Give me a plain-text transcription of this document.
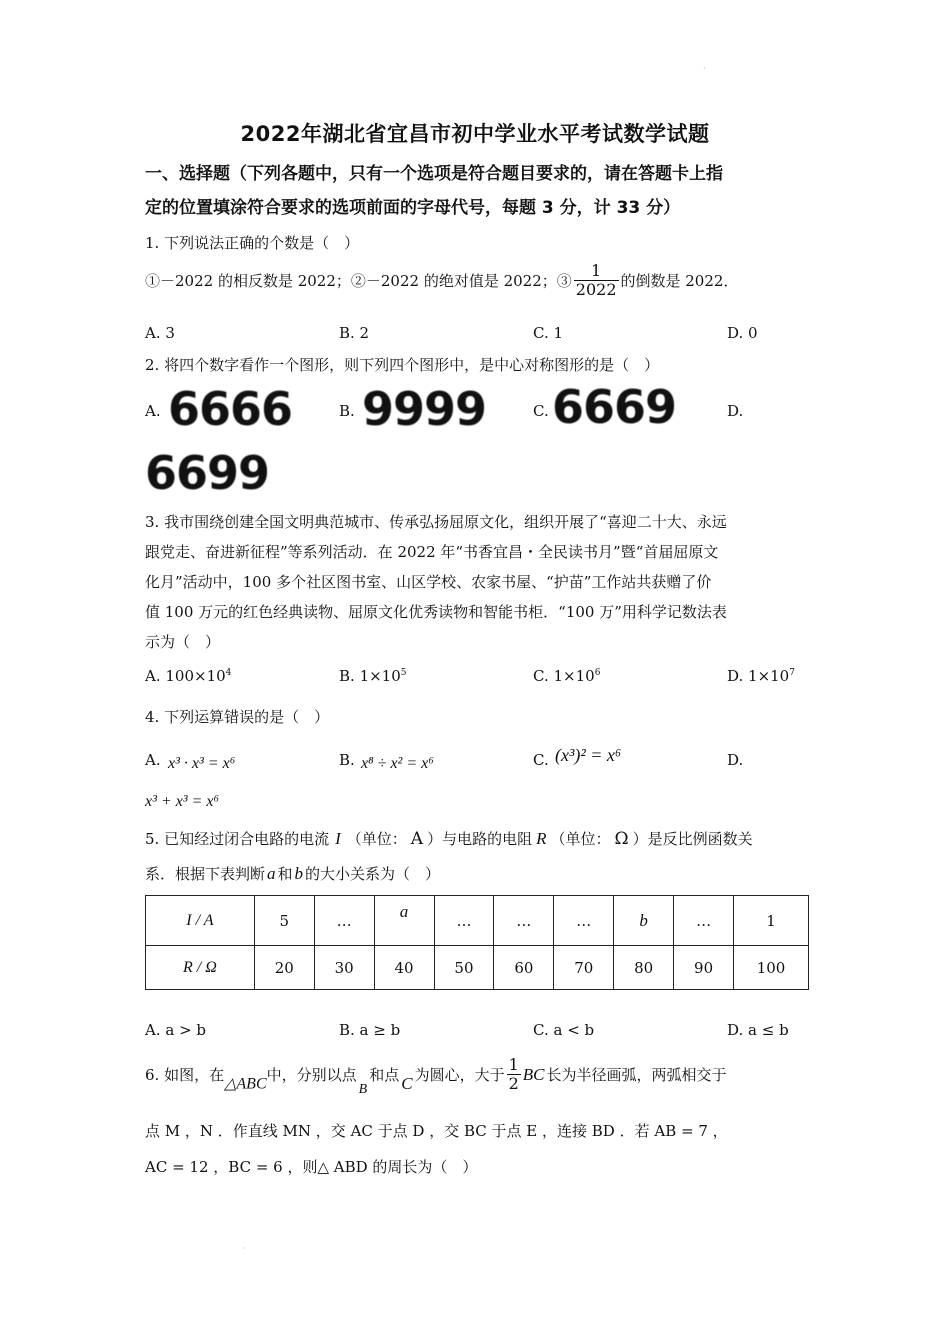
·
·
2022年湖北省宜昌市初中学业水平考试数学试题
一、选择题（下列各题中，只有一个选项是符合题目要求的，请在答题卡上指
定的位置填涂符合要求的选项前面的字母代号，每题 3 分，计 33 分）
1. 下列说法正确的个数是（　）
①－2022 的相反数是 2022；②－2022 的绝对值是 2022；③ $\frac{1}{2022}$ 的倒数是 2022．
A. 3	B. 2	C. 1	D. 0
2. 将四个数字看作一个图形，则下列四个图形中，是中心对称图形的是（　）
A. 6666	B. 9999	C. 6669	D.
6699
3. 我市围绕创建全国文明典范城市、传承弘扬屈原文化，组织开展了“喜迎二十大、永远
跟党走、奋进新征程”等系列活动．在 2022 年“书香宜昌・全民读书月”暨“首届屈原文
化月”活动中，100 多个社区图书室、山区学校、农家书屋、“护苗”工作站共获赠了价
值 100 万元的红色经典读物、屈原文化优秀读物和智能书柜．“100 万”用科学记数法表
示为（　）
A. $100\times 10^4$	B. $1\times 10^5$	C. $1\times 10^6$	D. $1\times 10^7$
4. 下列运算错误的是（　）
A. x³ · x³ = x⁶	B. x⁸ ÷ x² = x⁶	C. (x³)² = x⁶	D.
x³ + x³ = x⁶
5. 已知经过闭合电路的电流 I （单位： A ）与电路的电阻 R （单位： Ω ）是反比例函数关
系．根据下表判断 a 和 b 的大小关系为（　）
I / A	5	…	a	…	…	…	b	…	1
R / Ω	20	30	40	50	60	70	80	90	100
A. a > b	B. a ≥ b	C. a < b	D. a ≤ b
6. 如图，在△ABC中，分别以点B和点 C 为圆心，大于 $\frac{1}{2}$ BC 长为半径画弧，两弧相交于
点 M ，N ．作直线 MN ，交 AC 于点 D ，交 BC 于点 E ，连接 BD ．若 AB = 7 ，
AC = 12 ，BC = 6 ，则△ ABD 的周长为（　）
